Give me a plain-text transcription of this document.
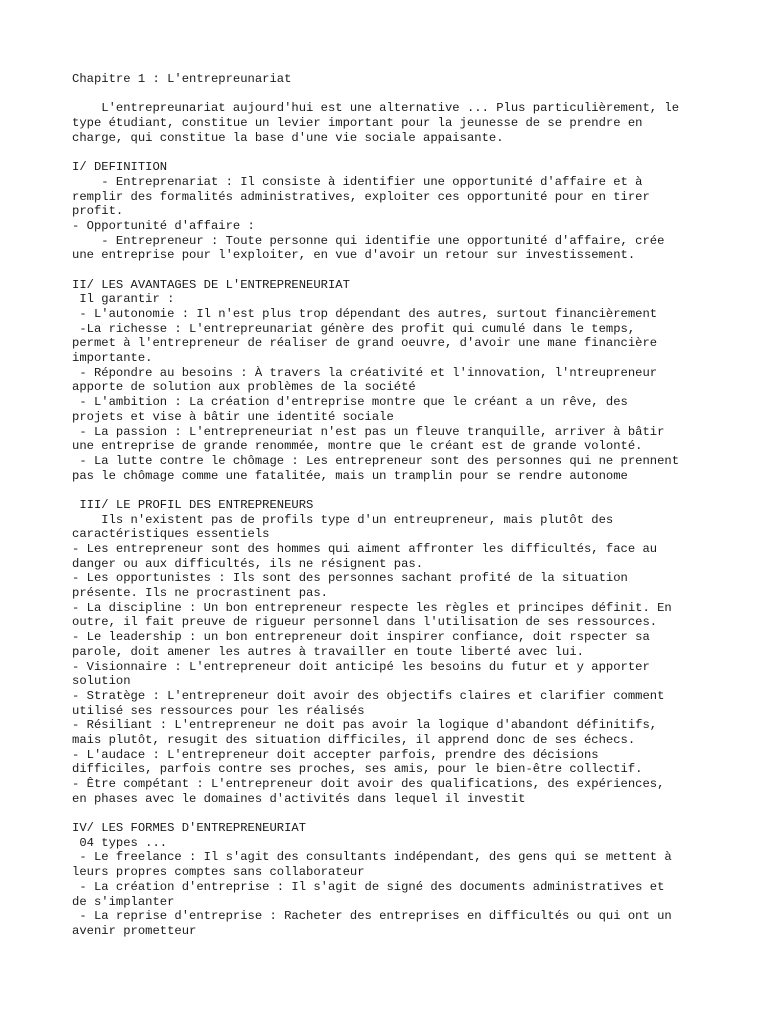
Chapitre 1 : L'entrepreunariat
L'entrepreunariat aujourd'hui est une alternative ... Plus particulièrement, le
type étudiant, constitue un levier important pour la jeunesse de se prendre en
charge, qui constitue la base d'une vie sociale appaisante.
I/ DEFINITION
- Entreprenariat : Il consiste à identifier une opportunité d'affaire et à
remplir des formalités administratives, exploiter ces opportunité pour en tirer
profit.
- Opportunité d'affaire :
- Entrepreneur : Toute personne qui identifie une opportunité d'affaire, crée
une entreprise pour l'exploiter, en vue d'avoir un retour sur investissement.
II/ LES AVANTAGES DE L'ENTREPRENEURIAT
Il garantir :
- L'autonomie : Il n'est plus trop dépendant des autres, surtout financièrement
-La richesse : L'entrepreunariat génère des profit qui cumulé dans le temps,
permet à l'entrepreneur de réaliser de grand oeuvre, d'avoir une mane financière
importante.
- Répondre au besoins : À travers la créativité et l'innovation, l'ntreupreneur
apporte de solution aux problèmes de la société
- L'ambition : La création d'entreprise montre que le créant a un rêve, des
projets et vise à bâtir une identité sociale
- La passion : L'entrepreneuriat n'est pas un fleuve tranquille, arriver à bâtir
une entreprise de grande renommée, montre que le créant est de grande volonté.
- La lutte contre le chômage : Les entrepreneur sont des personnes qui ne prennent
pas le chômage comme une fatalitée, mais un tramplin pour se rendre autonome
III/ LE PROFIL DES ENTREPRENEURS
Ils n'existent pas de profils type d'un entreupreneur, mais plutôt des
caractéristiques essentiels
- Les entrepreneur sont des hommes qui aiment affronter les difficultés, face au
danger ou aux difficultés, ils ne résignent pas.
- Les opportunistes : Ils sont des personnes sachant profité de la situation
présente. Ils ne procrastinent pas.
- La discipline : Un bon entrepreneur respecte les règles et principes définit. En
outre, il fait preuve de rigueur personnel dans l'utilisation de ses ressources.
- Le leadership : un bon entrepreneur doit inspirer confiance, doit rspecter sa
parole, doit amener les autres à travailler en toute liberté avec lui.
- Visionnaire : L'entrepreneur doit anticipé les besoins du futur et y apporter
solution
- Stratège : L'entrepreneur doit avoir des objectifs claires et clarifier comment
utilisé ses ressources pour les réalisés
- Résiliant : L'entrepreneur ne doit pas avoir la logique d'abandont définitifs,
mais plutôt, resugit des situation difficiles, il apprend donc de ses échecs.
- L'audace : L'entrepreneur doit accepter parfois, prendre des décisions
difficiles, parfois contre ses proches, ses amis, pour le bien-être collectif.
- Être compétant : L'entrepreneur doit avoir des qualifications, des expériences,
en phases avec le domaines d'activités dans lequel il investit
IV/ LES FORMES D'ENTREPRENEURIAT
04 types ...
- Le freelance : Il s'agit des consultants indépendant, des gens qui se mettent à
leurs propres comptes sans collaborateur
- La création d'entreprise : Il s'agit de signé des documents administratives et
de s'implanter
- La reprise d'entreprise : Racheter des entreprises en difficultés ou qui ont un
avenir prometteur
